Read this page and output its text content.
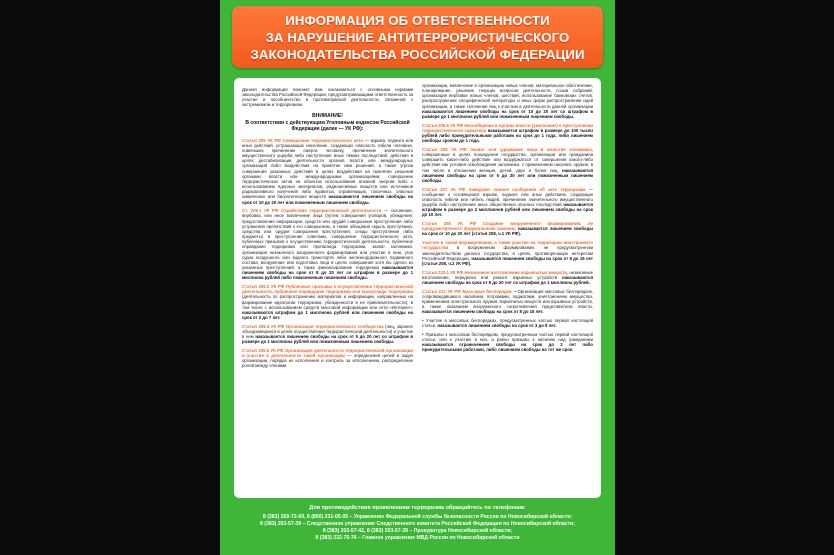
ИНФОРМАЦИЯ ОБ ОТВЕТСТВЕННОСТИ
ЗА НАРУШЕНИЕ АНТИТЕРРОРИСТИЧЕСКОГО
ЗАКОНОДАТЕЛЬСТВА РОССИЙСКОЙ ФЕДЕРАЦИИ

Данная информация поможет вам ознакомиться с основными нормами законодательства Российской Федерации, предусматривающими ответственность за участие и пособничество в противоправной деятельности, связанной с экстремизмом и терроризмом.

ВНИМАНИЕ!

В соответствии с действующим Уголовным кодексом Российской Федерации (далее — УК РФ):

Статья 205 УК РФ Совершение террористического акта — взрыва, поджога или иных действий, устрашающих население, создающих опасность гибели человека, повлекших причинение смерти человеку, причинение значительного имущественного ущерба либо наступление иных тяжких последствий, действия в целях дестабилизации деятельности органов власти или международных организаций либо воздействия на принятие ими решений, а также угроза совершения указанных действий в целях воздействия на принятие решений органами власти или международными организациями; совершение террористических актов на объектах использования атомной энергии либо с использованием ядерных материалов, радиоактивных веществ или источников радиоактивного излучения либо ядовитых, отравляющих, токсичных, опасных химических или биологических веществ наказываются лишением свободы на срок от 10 до 20 лет или пожизненным лишением свободы.

Ст. 205.1 УК РФ Содействие террористической деятельности — склонение, вербовка, или иное вовлечение лица (путем совершения уговоров, убеждения, предоставления информации, средств или орудий совершения преступления либо устранения препятствий к его совершению, а также обещания скрыть преступника, средства или орудия совершения преступления, следы преступления либо предметы) в преступление советами, совершение террористического акта, публичных призывов к осуществлению террористической деятельности, публичное оправдание терроризма или пропаганда терроризма, захват заложника, организация незаконного вооруженного формирования или участие в нем, угон судна воздушного или водного транспорта либо железнодорожного подвижного состава, вооружение или подготовка лица в целях совершения хотя бы одного из указанных преступлений, а также финансирование терроризма наказываются лишением свободы на срок от 8 до 20 лет со штрафом в размере до 1 миллиона рублей либо пожизненным лишением свободы.

Статья 205.2 УК РФ Публичные призывы к осуществлению террористической деятельности, публичное оправдание терроризма или пропаганда терроризма (деятельность по распространению материалов и информации, направленных на формирование идеологии терроризма, убежденности в ее привлекательности), в том числе с использованием средств массовой информации или сети «Интернет» наказываются штрафом до 1 миллиона рублей или лишением свободы на срок от 2 до 7 лет.

Статья 205.4 УК РФ Организация террористического сообщества (лиц, заранее объединившихся в целях осуществления террористической деятельности) и участие в нем наказывается лишением свободы на срок от 5 до 20 лет со штрафом в размере до 1 миллиона рублей или пожизненным лишением свободы.

Статья 205.5 УК РФ Организация деятельности террористической организации и участие в деятельности такой организации — определения целей и задач организации, порядка их исполнения и контроль за исполнением, распределение ролей между членами

организации, вовлечение в организацию новых членов, материальное обеспечение, планирование, решение текущих вопросов деятельности, созыв собраний, организация вербовки новых членов, шествий, использование банковских счетов, распространение специфической литературы и иных форм распространения идей организации, а также склонение лиц к участию в деятельности данной организации наказываются лишением свободы на срок от 10 до 20 лет со штрафом в размере до 1 миллиона рублей или пожизненным лишением свободы.

Статья 205.6 УК РФ Несообщение в органы власти (умолчание) о преступлении террористического характера наказывается штрафом в размере до 100 тысяч рублей либо принудительными работами на срок до 1 года, либо лишением свободы сроком до 1 года.

Статья 206 УК РФ Захват или удержание лица в качестве заложника, совершенные в целях понуждения государства, организации или гражданина совершить какое-либо действие или воздержаться от совершения какого-либо действия как условия освобождения заложника, с применением насилия, оружия, в том числе в отношении женщин, детей, двух и более лиц, наказываются лишением свободы на срок от 5 до 20 лет или пожизненным лишением свободы.

Статья 207 УК РФ Заведомо ложное сообщение об акте терроризма — сообщение о готовящемся взрыве, поджоге или иных действиях, создающих опасность гибели или гибель людей, причинение значительного имущественного ущерба либо наступление иных общественно опасных последствий наказывается штрафом в размере до 2 миллионов рублей или лишением свободы на срок до 10 лет.

Статья 208 УК РФ Создание вооруженного формирования, не предусмотренного федеральным законом, наказывается лишением свободы на срок от 10 до 20 лет (статья 208, ч.1 УК РФ).

Участие в таком формировании, а также участие на территории иностранного государства в вооруженном формировании, не предусмотренном законодательством данного государства, в целях, противоречащих интересам Российской Федерации, наказывается лишением свободы на срок от 8 до 15 лет (статья 208, ч.2 УК РФ).

Статья 223.1 УК РФ Незаконное изготовление взрывчатых веществ, незаконные изготовление, переделка или ремонт взрывных устройств наказываются лишением свободы на срок от 8 до 20 лет со штрафом до 1 миллиона рублей.

Статья 212 УК РФ Массовые беспорядки. • Организация массовых беспорядков, сопровождавшихся насилием, погромами, поджогами, уничтожением имущества, применением огнестрельного оружия, взрывчатых веществ или взрывных устройств, а также оказанием вооруженного сопротивления представителю власти, наказывается лишением свободы на срок от 8 до 15 лет.

• Участие в массовых беспорядках, предусмотренных частью первой настоящей статьи, наказывается лишением свободы на срок от 3 до 8 лет.

• Призывы к массовым беспорядкам, предусмотренным частью первой настоящей статьи, или к участию в них, а равно призывы к насилию над гражданами наказываются ограничением свободы на срок до 2 лет либо принудительными работами, либо лишением свободы на тот же срок.

Для противодействия проявлениям терроризма обращайтесь по телефонам:
8 (383) 269-72-69, 8 (800) 231-05-05 – Управление Федеральной службы безопасности России по Новосибирской области;
8 (383) 203-57-39 – Следственное управление Следственного комитета Российской Федерации по Новосибирской области;
8 (383) 203-57-42, 8 (383) 203-57-39 – Прокуратура Новосибирской области;
8 (383) 232-75-76 – Главное управление МВД России по Новосибирской области
